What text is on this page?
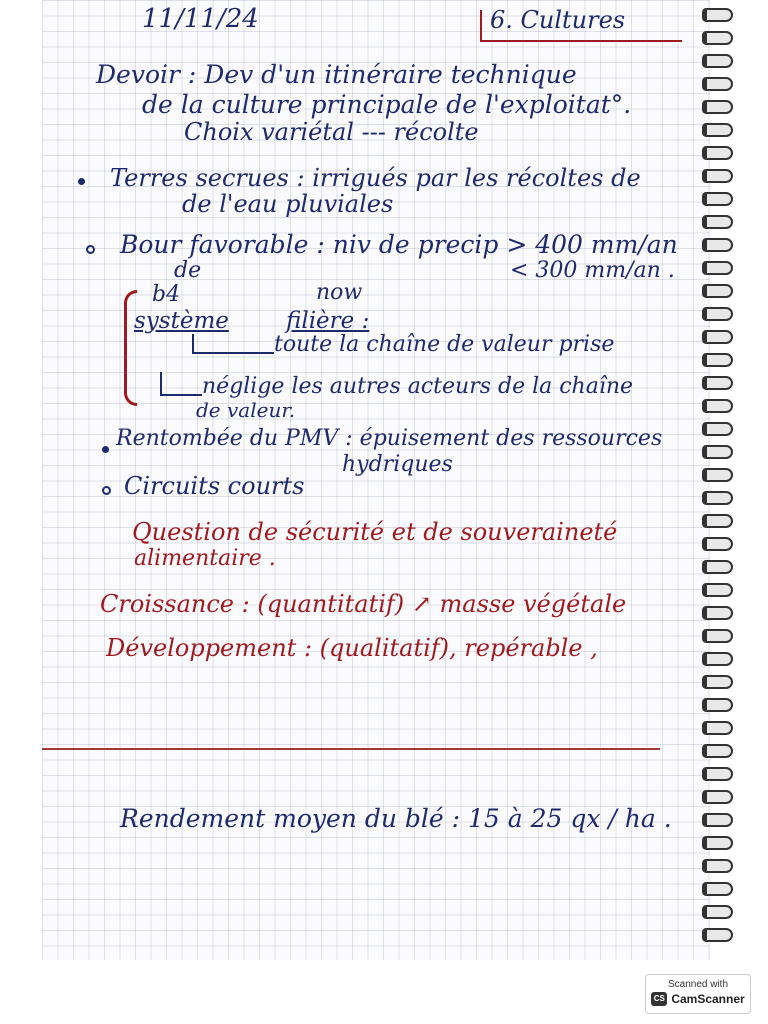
11/11/24	6. Cultures
Devoir : Dev d'un itinéraire technique
de la culture principale de l'exploitat°.
Choix variétal --- récolte
Terres secrues : irrigués par les récoltes de
de l'eau pluviales
Bour favorable : niv de precip > 400 mm/an
de	< 300 mm/an .
b4	now
système filière :
toute la chaîne de valeur prise
néglige les autres acteurs de la chaîne
de valeur.
Rentombée du PMV : épuisement des ressources
hydriques
Circuits courts
Question de sécurité et de souveraineté
alimentaire .
Croissance : (quantitatif) ↗ masse végétale
Développement : (qualitatif), repérable ,
Rendement moyen du blé : 15 à 25 qx / ha .
Scanned with
CS CamScanner
